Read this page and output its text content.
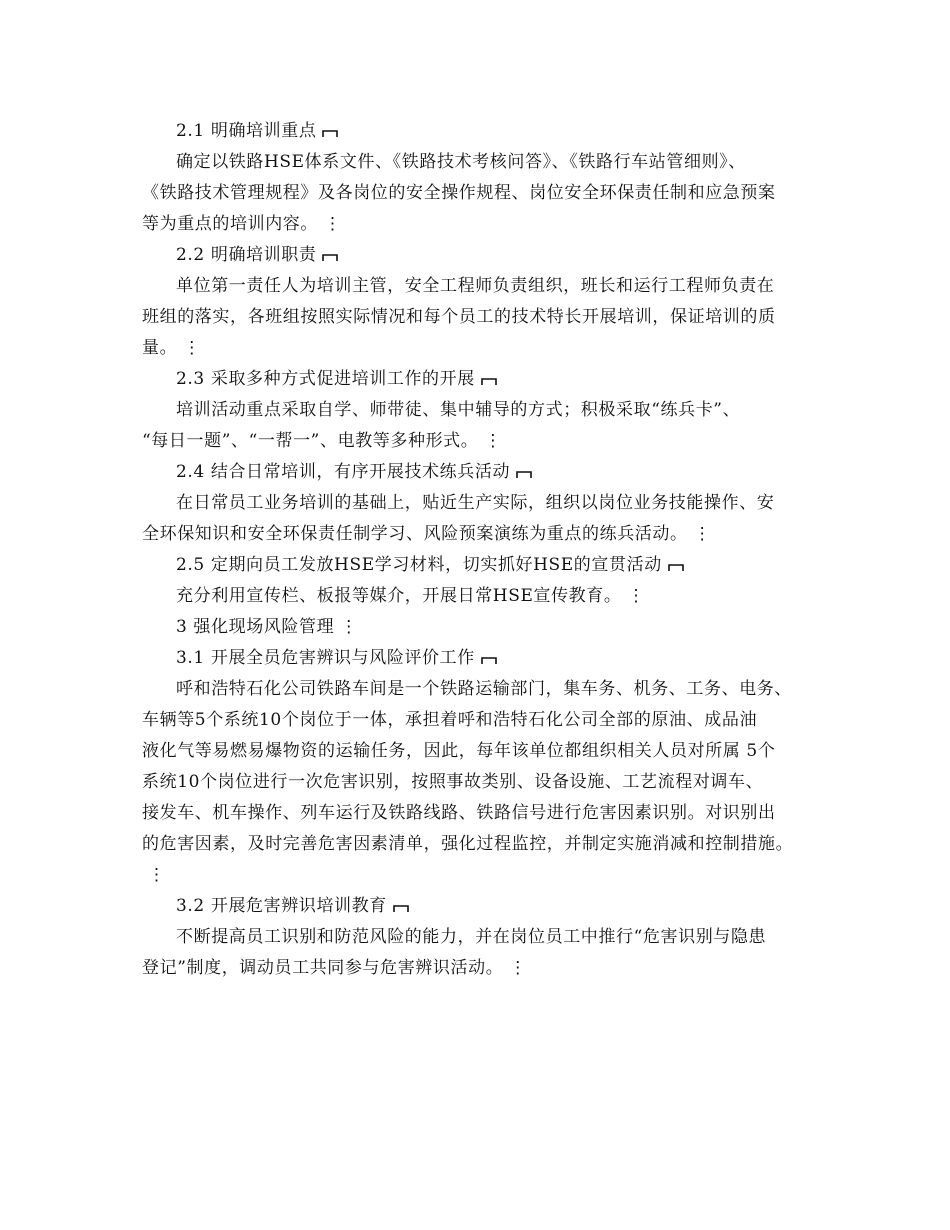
2.1 明确培训重点
确定以铁路HSE体系文件、《铁路技术考核问答》、《铁路行车站管细则》、
《铁路技术管理规程》及各岗位的安全操作规程、岗位安全环保责任制和应急预案
等为重点的培训内容。 ⋮
2.2 明确培训职责
单位第一责任人为培训主管，安全工程师负责组织，班长和运行工程师负责在
班组的落实，各班组按照实际情况和每个员工的技术特长开展培训，保证培训的质
量。 ⋮
2.3 采取多种方式促进培训工作的开展
培训活动重点采取自学、师带徒、集中辅导的方式；积极采取“练兵卡”、
“每日一题”、“一帮一”、电教等多种形式。 ⋮
2.4 结合日常培训，有序开展技术练兵活动
在日常员工业务培训的基础上，贴近生产实际，组织以岗位业务技能操作、安
全环保知识和安全环保责任制学习、风险预案演练为重点的练兵活动。 ⋮
2.5 定期向员工发放HSE学习材料，切实抓好HSE的宣贯活动
充分利用宣传栏、板报等媒介，开展日常HSE宣传教育。 ⋮
3 强化现场风险管理 ⋮
3.1 开展全员危害辨识与风险评价工作
呼和浩特石化公司铁路车间是一个铁路运输部门，集车务、机务、工务、电务、
车辆等5个系统10个岗位于一体，承担着呼和浩特石化公司全部的原油、成品油
液化气等易燃易爆物资的运输任务，因此，每年该单位都组织相关人员对所属 5个
系统10个岗位进行一次危害识别，按照事故类别、设备设施、工艺流程对调车、
接发车、机车操作、列车运行及铁路线路、铁路信号进行危害因素识别。对识别出
的危害因素，及时完善危害因素清单，强化过程监控，并制定实施消减和控制措施。
⋮
3.2 开展危害辨识培训教育
不断提高员工识别和防范风险的能力，并在岗位员工中推行“危害识别与隐患
登记”制度，调动员工共同参与危害辨识活动。 ⋮
